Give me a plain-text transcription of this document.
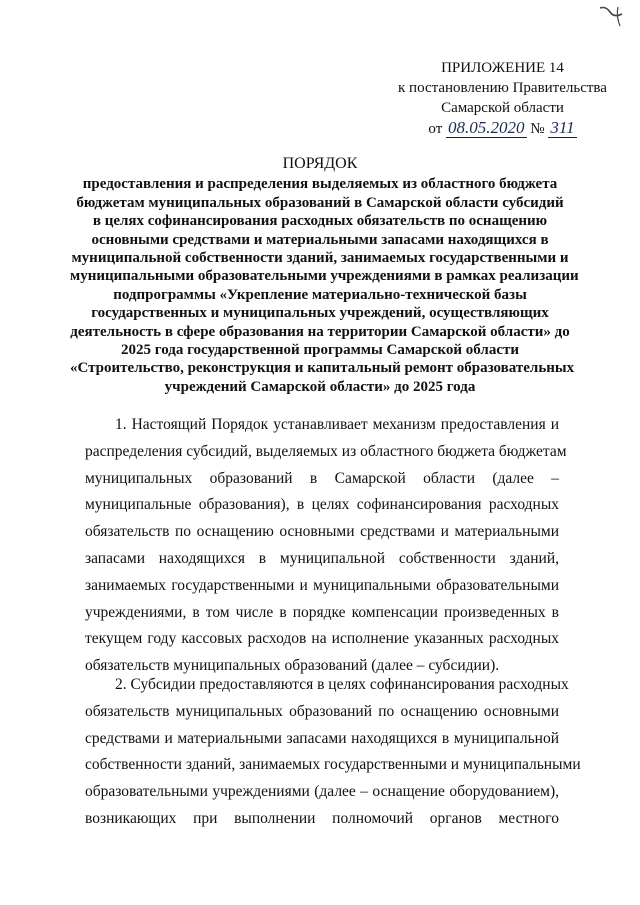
ПРИЛОЖЕНИЕ 14
к постановлению Правительства
Самарской области
от 08.05.2020 № 311
ПОРЯДОК
предоставления и распределения выделяемых из областного бюджета
бюджетам муниципальных образований в Самарской области субсидий
в целях софинансирования расходных обязательств по оснащению
основными средствами и материальными запасами находящихся в
муниципальной собственности зданий, занимаемых государственными и
муниципальными образовательными учреждениями в рамках реализации
подпрограммы «Укрепление материально-технической базы
государственных и муниципальных учреждений, осуществляющих
деятельность в сфере образования на территории Самарской области» до
2025 года государственной программы Самарской области
«Строительство, реконструкция и капитальный ремонт образовательных
учреждений Самарской области» до 2025 года
1. Настоящий Порядок устанавливает механизм предоставления и
распределения субсидий, выделяемых из областного бюджета бюджетам
муниципальных образований в Самарской области (далее –
муниципальные образования), в целях софинансирования расходных
обязательств по оснащению основными средствами и материальными
запасами находящихся в муниципальной собственности зданий,
занимаемых государственными и муниципальными образовательными
учреждениями, в том числе в порядке компенсации произведенных в
текущем году кассовых расходов на исполнение указанных расходных
обязательств муниципальных образований (далее – субсидии).
2. Субсидии предоставляются в целях софинансирования расходных
обязательств муниципальных образований по оснащению основными
средствами и материальными запасами находящихся в муниципальной
собственности зданий, занимаемых государственными и муниципальными
образовательными учреждениями (далее – оснащение оборудованием),
возникающих при выполнении полномочий органов местного
